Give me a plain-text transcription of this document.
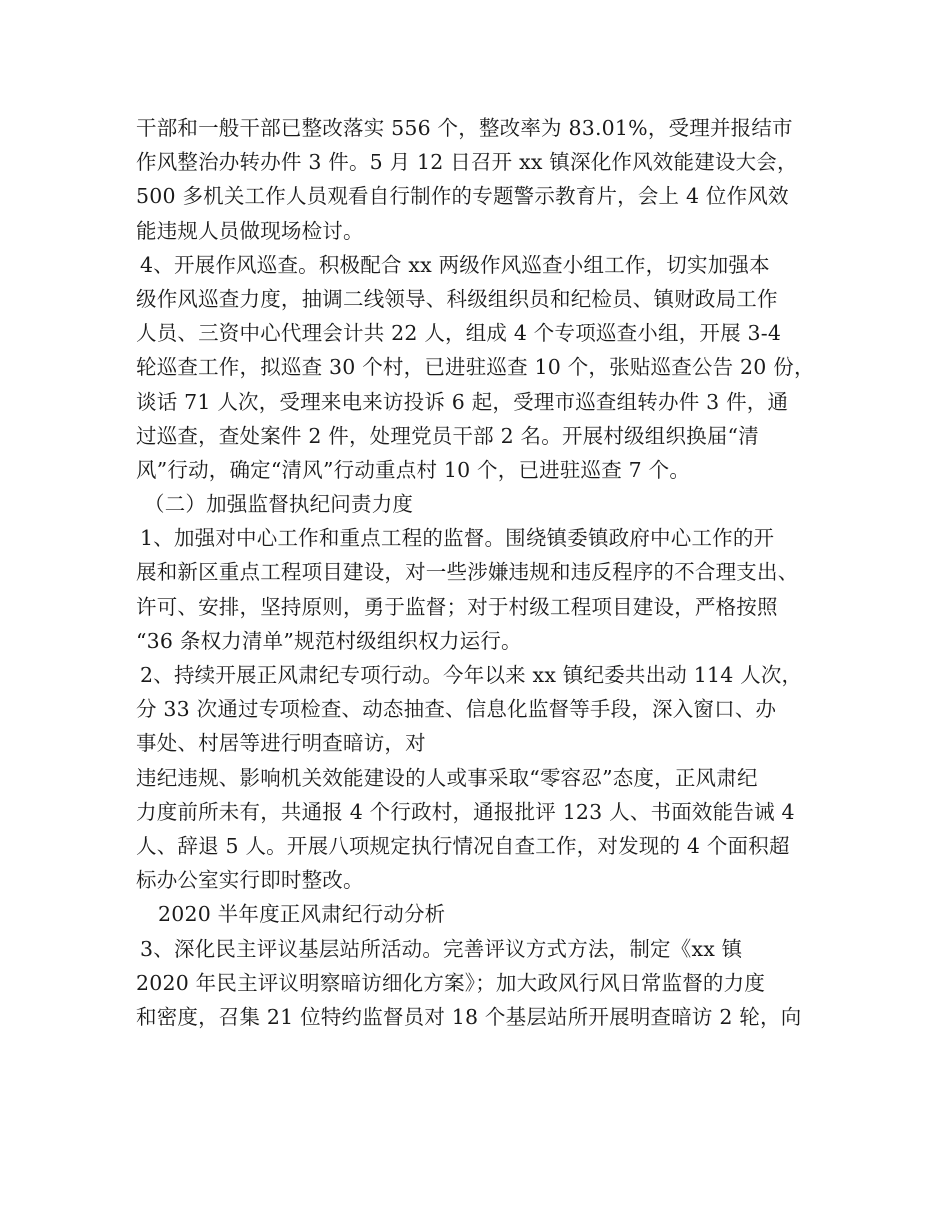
干部和一般干部已整改落实 556 个，整改率为 83.01%，受理并报结市
作风整治办转办件 3 件。5 月 12 日召开 xx 镇深化作风效能建设大会，
500 多机关工作人员观看自行制作的专题警示教育片，会上 4 位作风效
能违规人员做现场检讨。
4、开展作风巡查。积极配合 xx 两级作风巡查小组工作，切实加强本
级作风巡查力度，抽调二线领导、科级组织员和纪检员、镇财政局工作
人员、三资中心代理会计共 22 人，组成 4 个专项巡查小组，开展 3-4
轮巡查工作，拟巡查 30 个村，已进驻巡查 10 个，张贴巡查公告 20 份，
谈话 71 人次，受理来电来访投诉 6 起，受理市巡查组转办件 3 件，通
过巡查，查处案件 2 件，处理党员干部 2 名。开展村级组织换届“清
风”行动，确定“清风”行动重点村 10 个，已进驻巡查 7 个。
（二）加强监督执纪问责力度
1、加强对中心工作和重点工程的监督。围绕镇委镇政府中心工作的开
展和新区重点工程项目建设，对一些涉嫌违规和违反程序的不合理支出、
许可、安排，坚持原则，勇于监督；对于村级工程项目建设，严格按照
“36 条权力清单”规范村级组织权力运行。
2、持续开展正风肃纪专项行动。今年以来 xx 镇纪委共出动 114 人次，
分 33 次通过专项检查、动态抽查、信息化监督等手段，深入窗口、办
事处、村居等进行明查暗访，对
违纪违规、影响机关效能建设的人或事采取“零容忍”态度，正风肃纪
力度前所未有，共通报 4 个行政村，通报批评 123 人、书面效能告诫 4
人、辞退 5 人。开展八项规定执行情况自查工作，对发现的 4 个面积超
标办公室实行即时整改。
2020 半年度正风肃纪行动分析
3、深化民主评议基层站所活动。完善评议方式方法，制定《xx 镇
2020 年民主评议明察暗访细化方案》；加大政风行风日常监督的力度
和密度，召集 21 位特约监督员对 18 个基层站所开展明查暗访 2 轮，向
